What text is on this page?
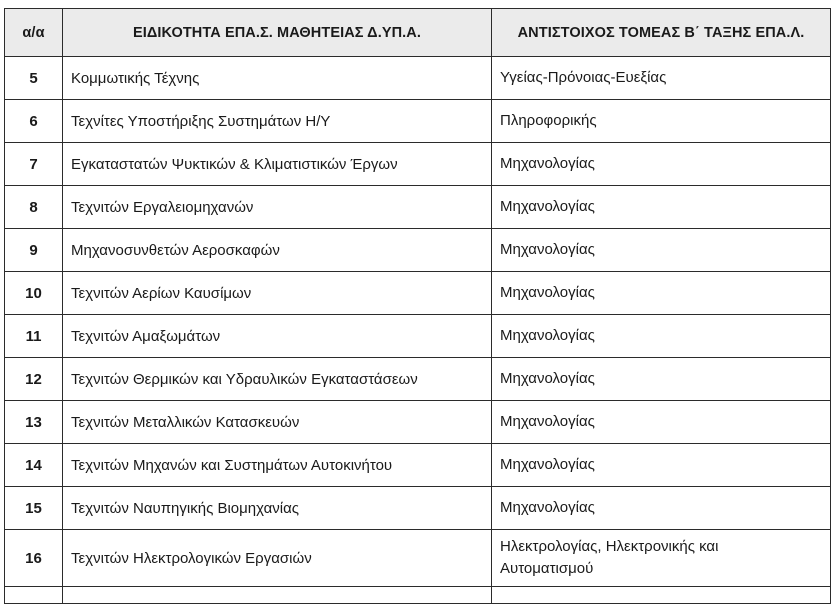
α/α	ΕΙΔΙΚΟΤΗΤΑ ΕΠΑ.Σ. ΜΑΘΗΤΕΙΑΣ Δ.ΥΠ.Α.	ΑΝΤΙΣΤΟΙΧΟΣ ΤΟΜΕΑΣ Β΄ ΤΑΞΗΣ ΕΠΑ.Λ.
5	Κομμωτικής Τέχνης	Υγείας-Πρόνοιας-Ευεξίας
6	Τεχνίτες Υποστήριξης Συστημάτων Η/Υ	Πληροφορικής
7	Εγκαταστατών Ψυκτικών & Κλιματιστικών Έργων	Μηχανολογίας
8	Τεχνιτών Εργαλειομηχανών	Μηχανολογίας
9	Μηχανοσυνθετών Αεροσκαφών	Μηχανολογίας
10	Τεχνιτών Αερίων Καυσίμων	Μηχανολογίας
11	Τεχνιτών Αμαξωμάτων	Μηχανολογίας
12	Τεχνιτών Θερμικών και Υδραυλικών Εγκαταστάσεων	Μηχανολογίας
13	Τεχνιτών Μεταλλικών Κατασκευών	Μηχανολογίας
14	Τεχνιτών Μηχανών και Συστημάτων Αυτοκινήτου	Μηχανολογίας
15	Τεχνιτών Ναυπηγικής Βιομηχανίας	Μηχανολογίας
16	Τεχνιτών Ηλεκτρολογικών Εργασιών	Ηλεκτρολογίας, Ηλεκτρονικής και
Αυτοματισμού
